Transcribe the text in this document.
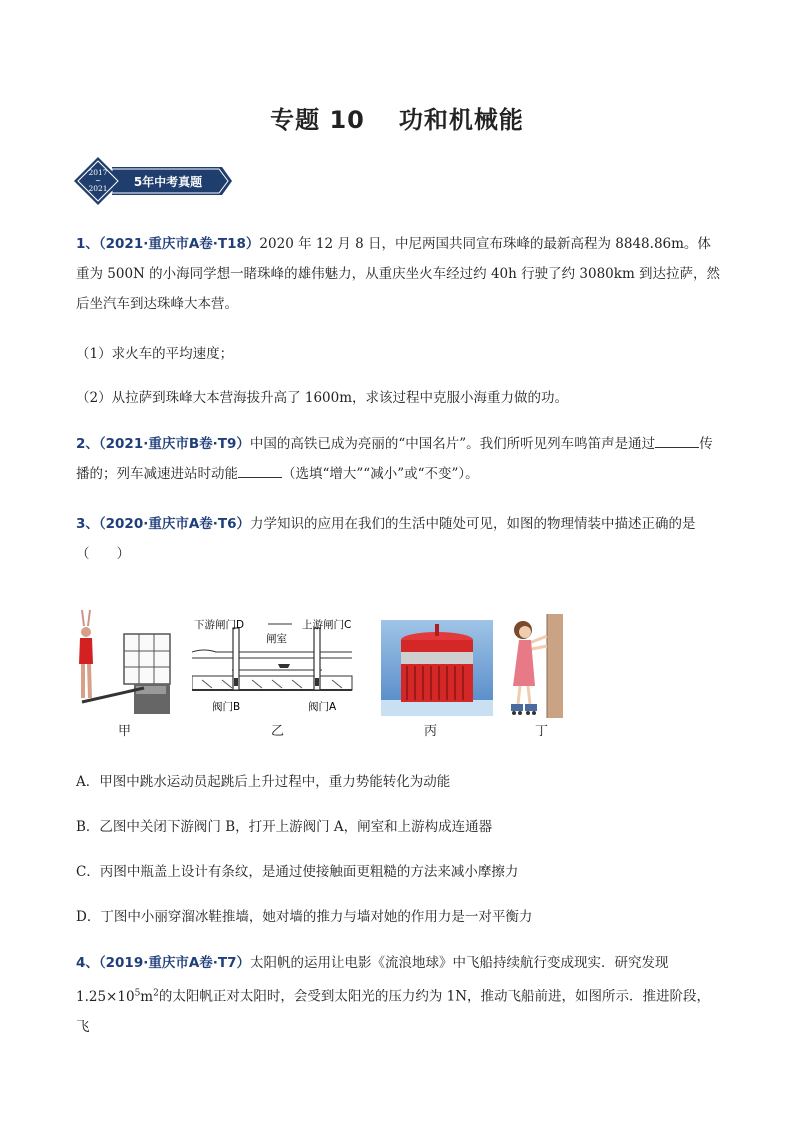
专题 10 功和机械能
2017
~
2021 5年中考真题
1、（2021·重庆市A卷·T18）2020 年 12 月 8 日，中尼两国共同宣布珠峰的最新高程为 8848.86m。体重为 500N 的小海同学想一睹珠峰的雄伟魅力，从重庆坐火车经过约 40h 行驶了约 3080km 到达拉萨，然后坐汽车到达珠峰大本营。
（1）求火车的平均速度；
（2）从拉萨到珠峰大本营海拔升高了 1600m，求该过程中克服小海重力做的功。
2、（2021·重庆市B卷·T9）中国的高铁已成为亮丽的“中国名片”。我们所听见列车鸣笛声是通过	传播的；列车减速进站时动能	（选填“增大”“减小”或“不变”）。
3、（2020·重庆市A卷·T6）力学知识的应用在我们的生活中随处可见，如图的物理情装中描述正确的是
（　　）
甲
下游闸门D	上游闸门C
闸室
阀门B	阀门A
乙	丙	丁
A．甲图中跳水运动员起跳后上升过程中，重力势能转化为动能
B．乙图中关闭下游阀门 B，打开上游阀门 A，闸室和上游构成连通器
C．丙图中瓶盖上设计有条纹，是通过使接触面更粗糙的方法来减小摩擦力
D．丁图中小丽穿溜冰鞋推墙，她对墙的推力与墙对她的作用力是一对平衡力
4、（2019·重庆市A卷·T7）太阳帆的运用让电影《流浪地球》中飞船持续航行变成现实．研究发现
$1.25\times 10^5m^2$的太阳帆正对太阳时，会受到太阳光的压力约为 1N，推动飞船前进，如图所示．推进阶段，飞
